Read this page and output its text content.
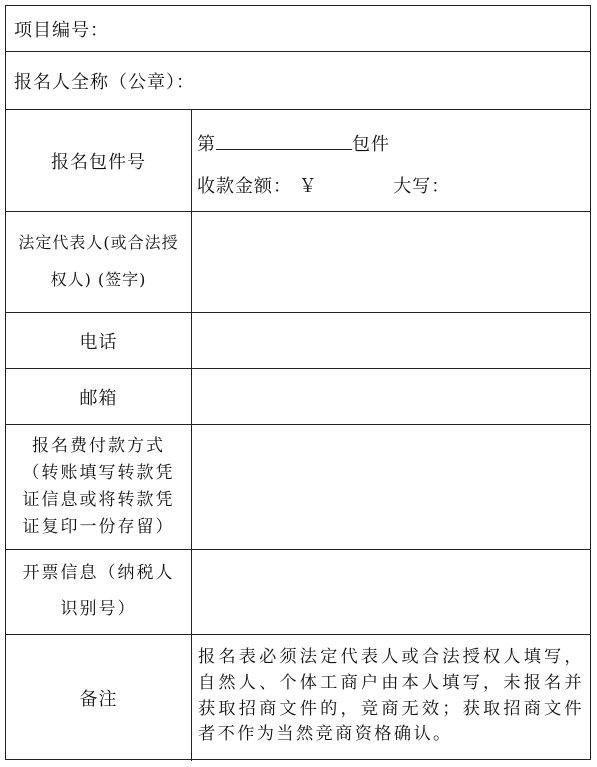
项目编号：
报名人全称（公章）：
报名包件号
第	包件
收款金额： ￥	大写：
法定代表人(或合法授
权人) (签字)
电话
邮箱
报名费付款方式
（转账填写转款凭
证信息或将转款凭
证复印一份存留）
开票信息（纳税人
识别号）
备注
报名表必须法定代表人或合法授权人填写，自然人、个体工商户由本人填写，未报名并获取招商文件的，竞商无效；获取招商文件者不作为当然竞商资格确认。
